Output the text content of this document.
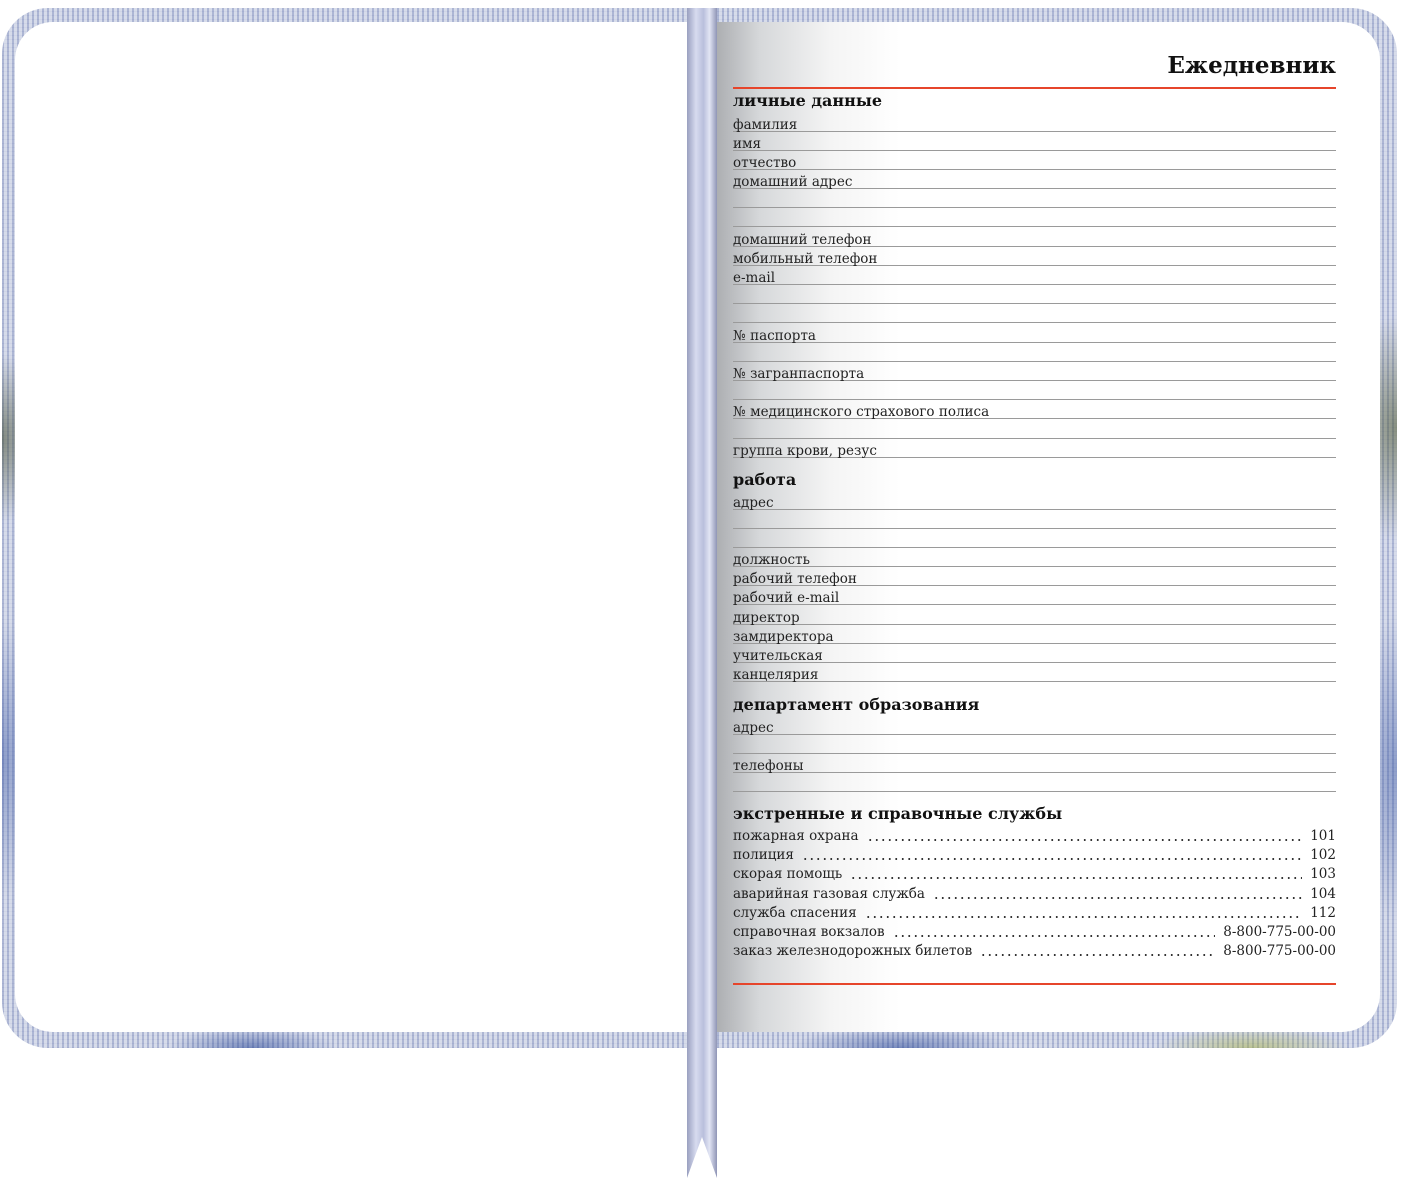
Ежедневник
личные данные
фамилия
имя
отчество
домашний адрес
домашний телефон
мобильный телефон
e-mail
№ паспорта
№ загранпаспорта
№ медицинского страхового полиса
группа крови, резус
работа
адрес
должность
рабочий телефон
рабочий e-mail
директор
замдиректора
учительская
канцелярия
департамент образования
адрес
телефоны
экстренные и справочные службы
пожарная охрана	101
полиция	102
скорая помощь	103
аварийная газовая служба	104
служба спасения	112
справочная вокзалов	8-800-775-00-00
заказ железнодорожных билетов	8-800-775-00-00
